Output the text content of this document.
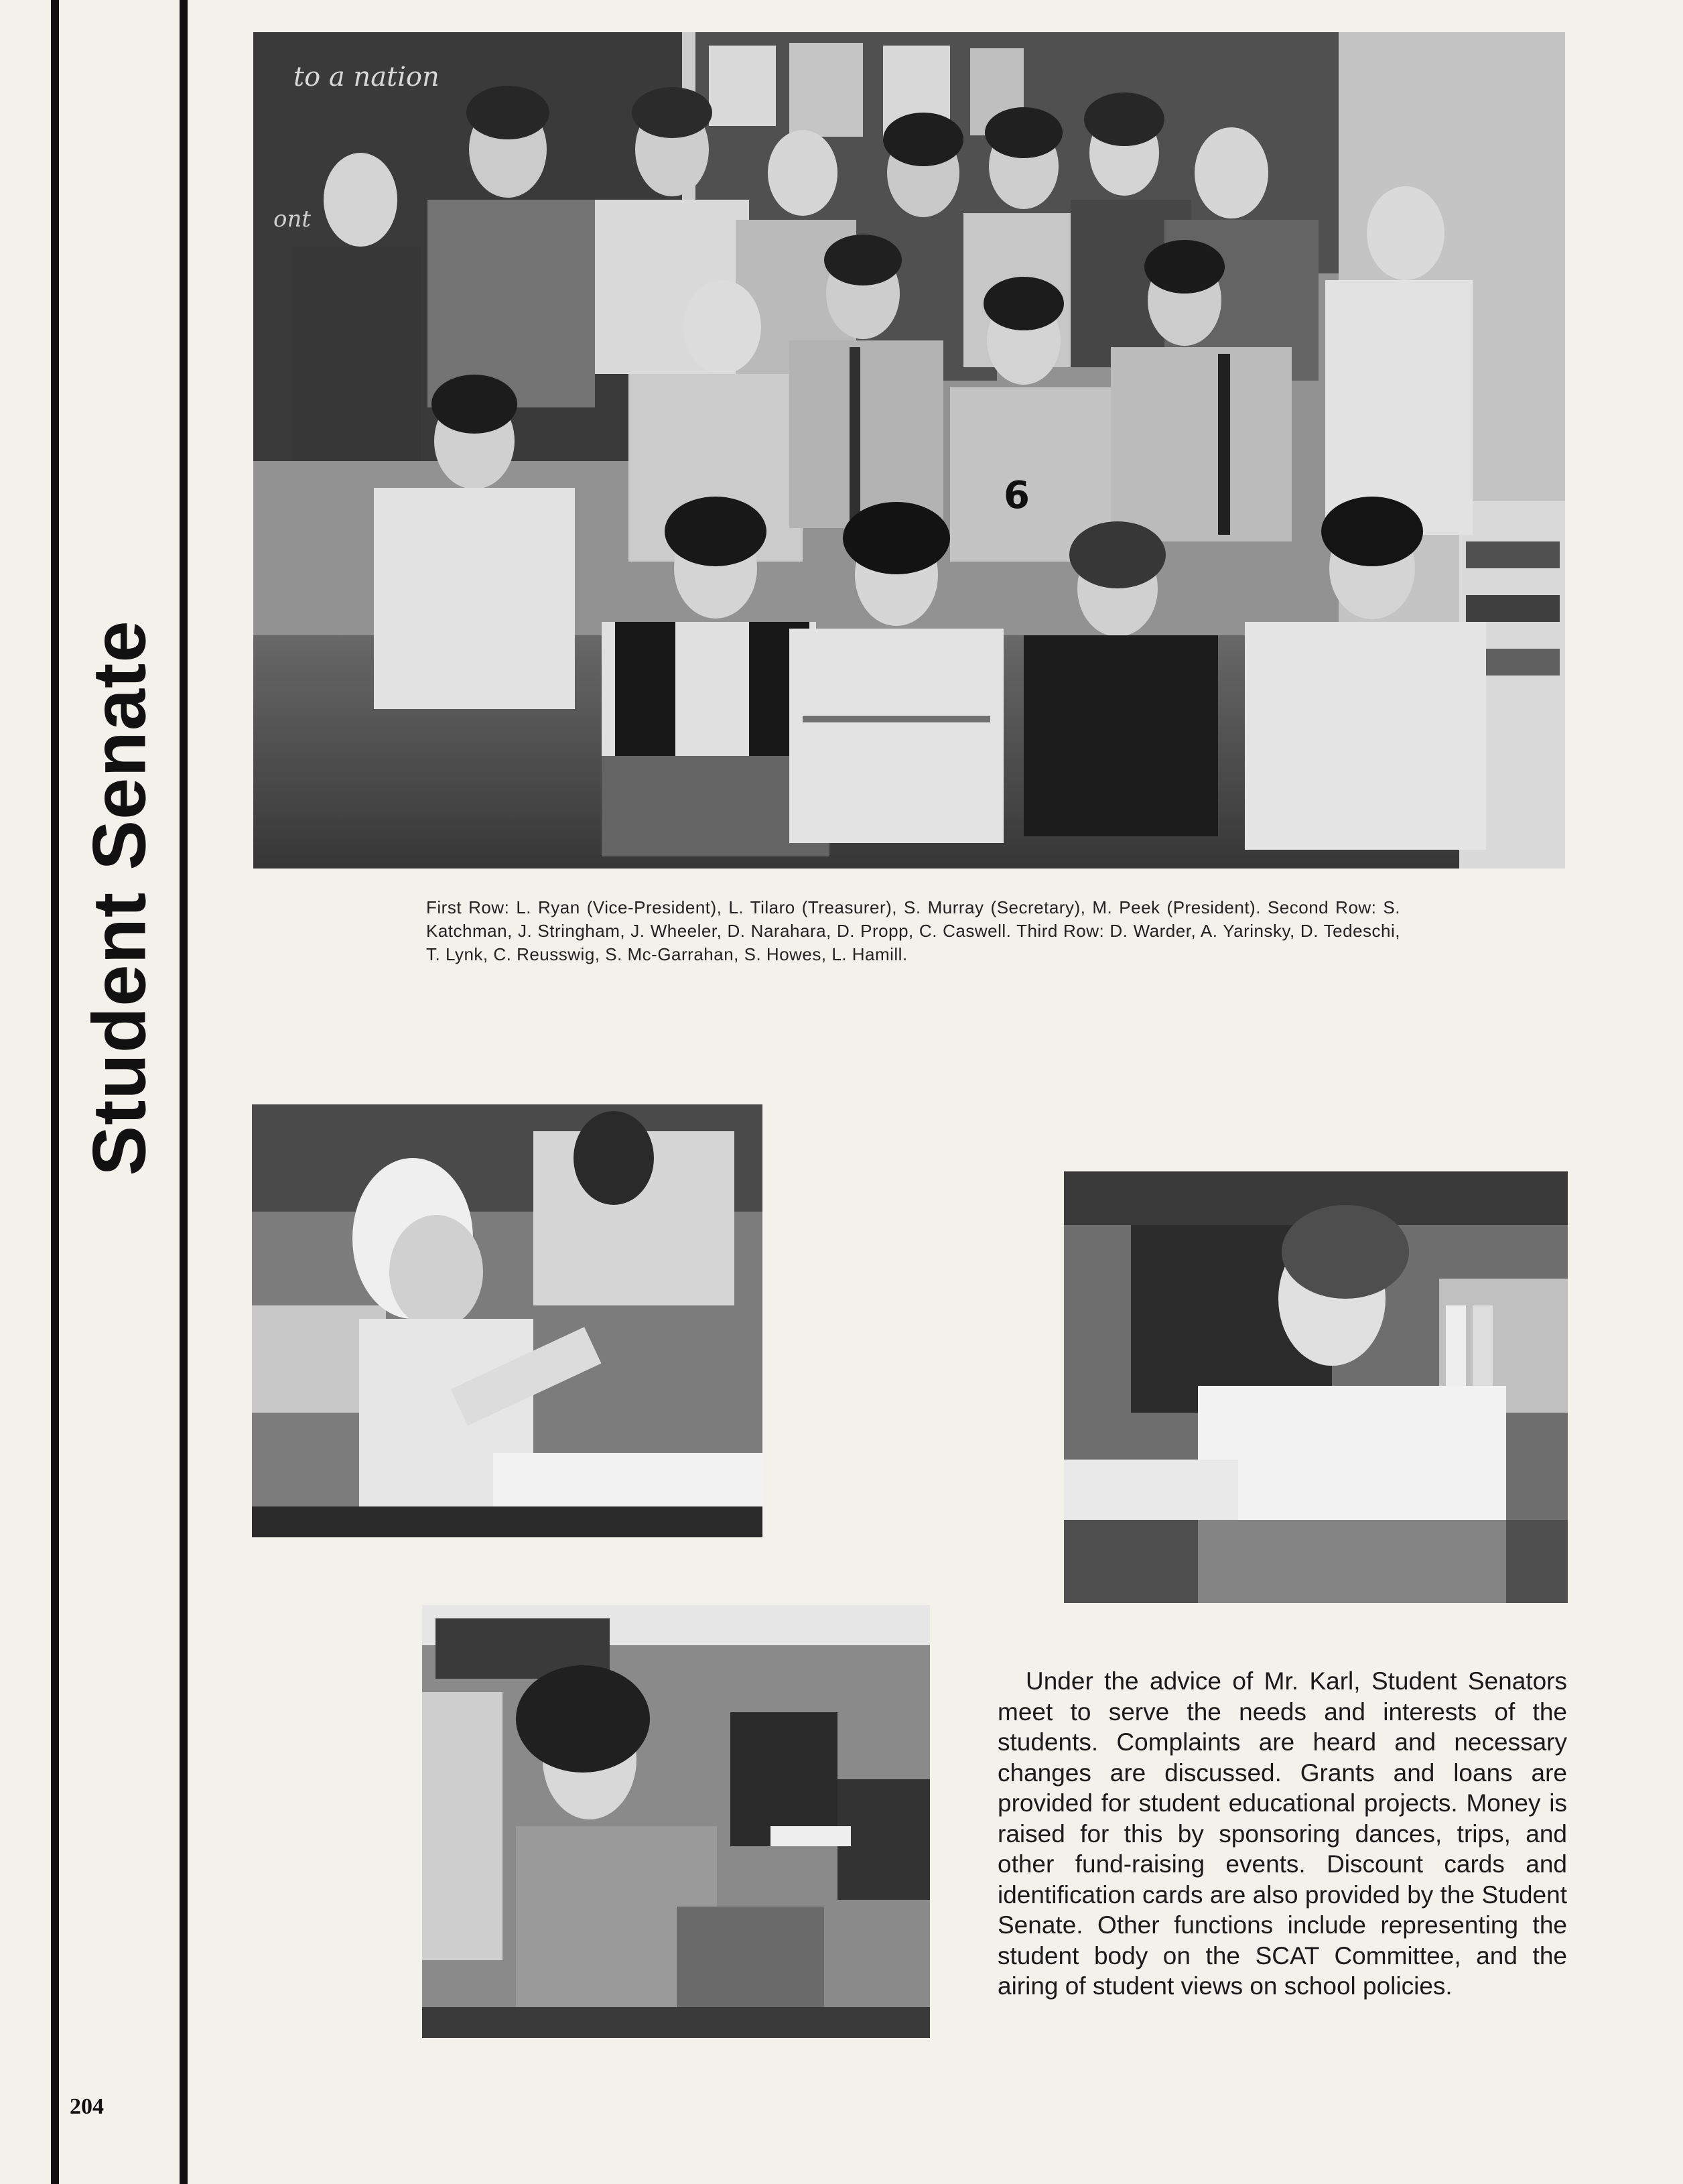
Student Senate
to a nation
ont
6
First Row: L. Ryan (Vice-President), L. Tilaro (Treasurer), S. Murray (Secretary), M. Peek (President). Second Row: S. Katchman, J. Stringham, J. Wheeler, D. Narahara, D. Propp, C. Caswell. Third Row: D. Warder, A. Yarinsky, D. Tedeschi, T. Lynk, C. Reusswig, S. Mc-Garrahan, S. Howes, L. Hamill.
Under the advice of Mr. Karl, Student Senators meet to serve the needs and interests of the students. Complaints are heard and necessary changes are discussed. Grants and loans are provided for student educational projects. Money is raised for this by sponsoring dances, trips, and other fund-raising events. Discount cards and identification cards are also provided by the Student Senate. Other functions include representing the student body on the SCAT Committee, and the airing of student views on school policies.
204
